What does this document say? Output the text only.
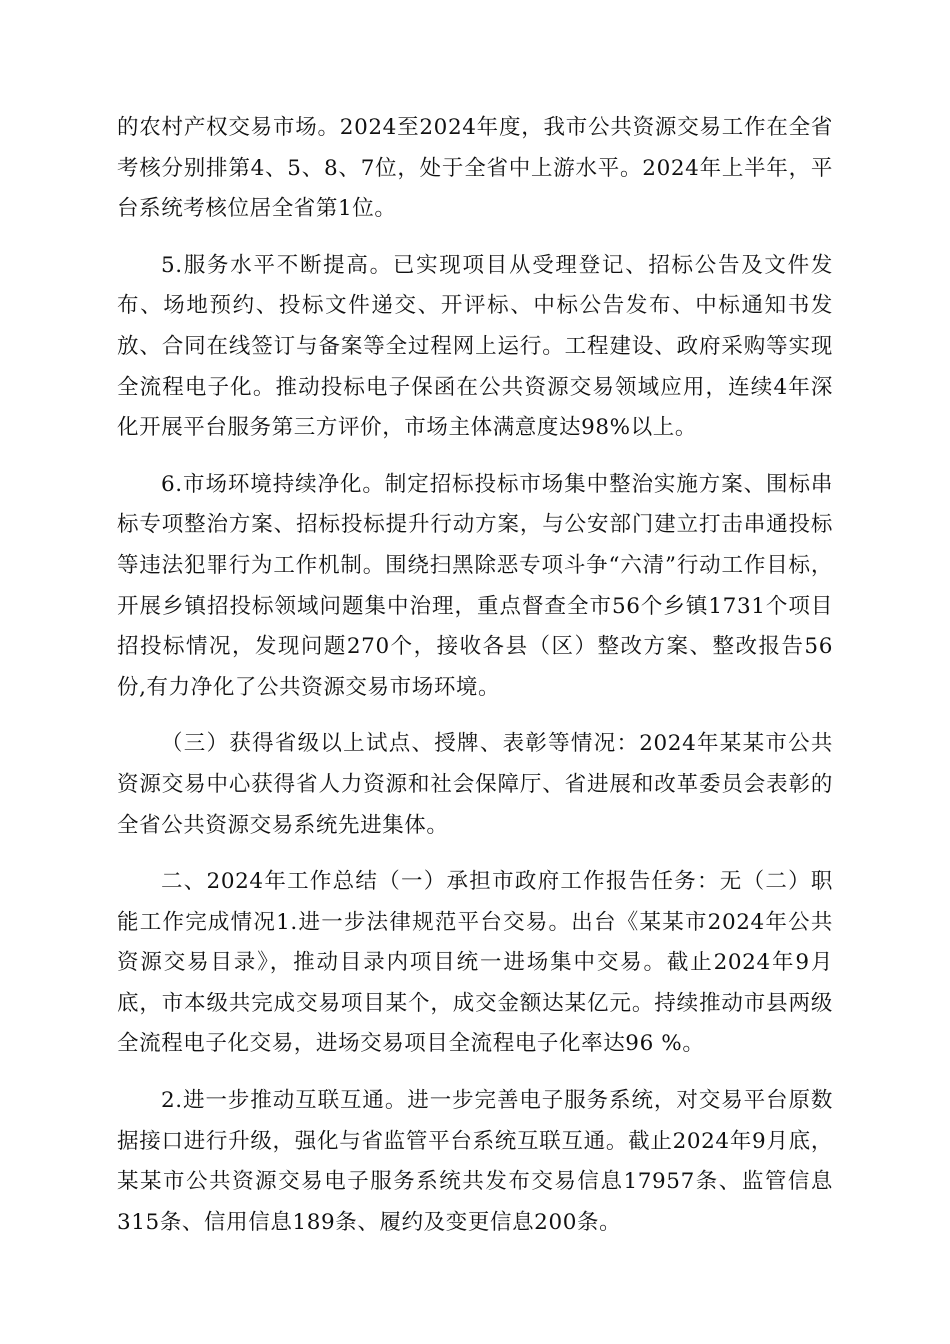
的农村产权交易市场。2024至2024年度，我市公共资源交易工作在全省考核分别排第4、5、8、7位，处于全省中上游水平。2024年上半年，平台系统考核位居全省第1位。

5.服务水平不断提高。已实现项目从受理登记、招标公告及文件发布、场地预约、投标文件递交、开评标、中标公告发布、中标通知书发放、合同在线签订与备案等全过程网上运行。工程建设、政府采购等实现全流程电子化。推动投标电子保函在公共资源交易领域应用，连续4年深化开展平台服务第三方评价，市场主体满意度达98%以上。

6.市场环境持续净化。制定招标投标市场集中整治实施方案、围标串标专项整治方案、招标投标提升行动方案，与公安部门建立打击串通投标等违法犯罪行为工作机制。围绕扫黑除恶专项斗争“六清”行动工作目标，开展乡镇招投标领域问题集中治理，重点督查全市56个乡镇1731个项目招投标情况，发现问题270个，接收各县（区）整改方案、整改报告56份,有力净化了公共资源交易市场环境。

（三）获得省级以上试点、授牌、表彰等情况：2024年某某市公共资源交易中心获得省人力资源和社会保障厅、省进展和改革委员会表彰的全省公共资源交易系统先进集体。

二、2024年工作总结（一）承担市政府工作报告任务：无（二）职能工作完成情况1.进一步法律规范平台交易。出台《某某市2024年公共资源交易目录》，推动目录内项目统一进场集中交易。截止2024年9月底，市本级共完成交易项目某个，成交金额达某亿元。持续推动市县两级全流程电子化交易，进场交易项目全流程电子化率达96 %。

2.进一步推动互联互通。进一步完善电子服务系统，对交易平台原数据接口进行升级，强化与省监管平台系统互联互通。截止2024年9月底，某某市公共资源交易电子服务系统共发布交易信息17957条、监管信息315条、信用信息189条、履约及变更信息200条。
